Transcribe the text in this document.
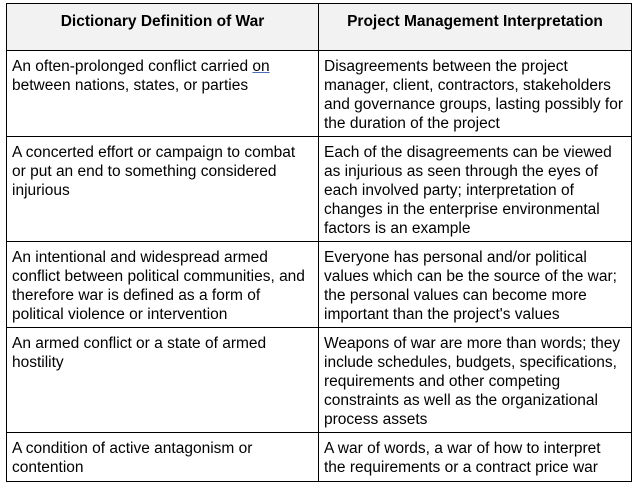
Dictionary Definition of War	Project Management Interpretation
An often-prolonged conflict carried on between nations, states, or parties	Disagreements between the project manager, client, contractors, stakeholders and governance groups, lasting possibly for the duration of the project
A concerted effort or campaign to combat or put an end to something considered injurious	Each of the disagreements can be viewed as injurious as seen through the eyes of each involved party; interpretation of changes in the enterprise environmental factors is an example
An intentional and widespread armed conflict between political communities, and therefore war is defined as a form of political violence or intervention	Everyone has personal and/or political values which can be the source of the war; the personal values can become more important than the project's values
An armed conflict or a state of armed hostility	Weapons of war are more than words; they include schedules, budgets, specifications, requirements and other competing constraints as well as the organizational process assets
A condition of active antagonism or contention	A war of words, a war of how to interpret the requirements or a contract price war
